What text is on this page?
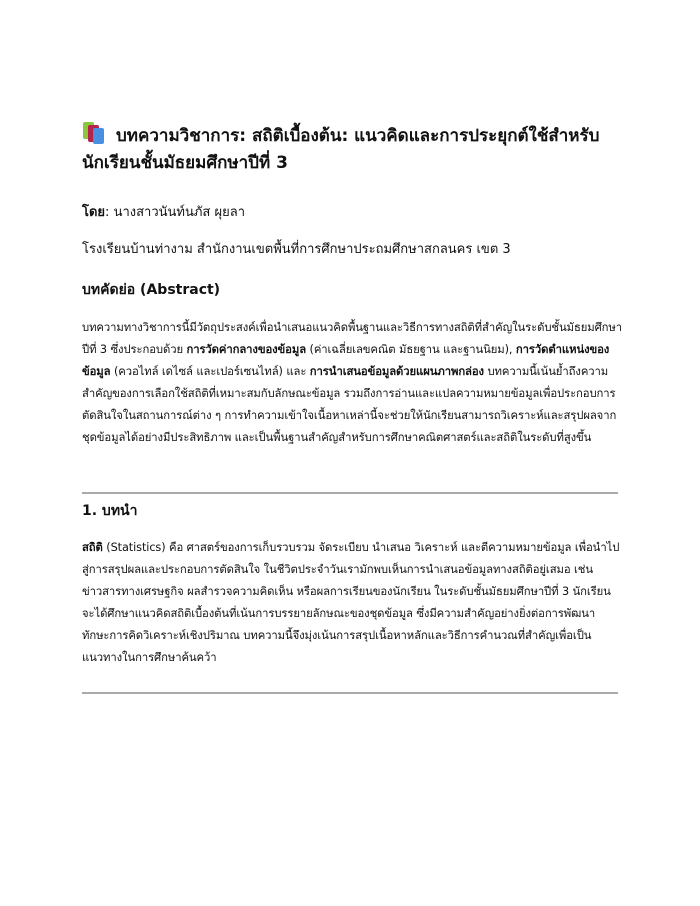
บทความวิชาการ: สถิติเบื้องต้น: แนวคิดและการประยุกต์ใช้สำหรับนักเรียนชั้นมัธยมศึกษาปีที่ 3
โดย: นางสาวนันท์นภัส ผุยลา
โรงเรียนบ้านท่างาม สำนักงานเขตพื้นที่การศึกษาประถมศึกษาสกลนคร เขต 3
บทคัดย่อ (Abstract)

บทความทางวิชาการนี้มีวัตถุประสงค์เพื่อนำเสนอแนวคิดพื้นฐานและวิธีการทางสถิติที่สำคัญในระดับชั้นมัธยมศึกษาปีที่ 3 ซึ่งประกอบด้วย การวัดค่ากลางของข้อมูล (ค่าเฉลี่ยเลขคณิต มัธยฐาน และฐานนิยม), การวัดตำแหน่งของข้อมูล (ควอไทล์ เดไซล์ และเปอร์เซนไทล์) และ การนำเสนอข้อมูลด้วยแผนภาพกล่อง บทความนี้เน้นย้ำถึงความสำคัญของการเลือกใช้สถิติที่เหมาะสมกับลักษณะข้อมูล รวมถึงการอ่านและแปลความหมายข้อมูลเพื่อประกอบการตัดสินใจในสถานการณ์ต่าง ๆ การทำความเข้าใจเนื้อหาเหล่านี้จะช่วยให้นักเรียนสามารถวิเคราะห์และสรุปผลจากชุดข้อมูลได้อย่างมีประสิทธิภาพ และเป็นพื้นฐานสำคัญสำหรับการศึกษาคณิตศาสตร์และสถิติในระดับที่สูงขึ้น

1. บทนำ

สถิติ (Statistics) คือ ศาสตร์ของการเก็บรวบรวม จัดระเบียบ นำเสนอ วิเคราะห์ และตีความหมายข้อมูล เพื่อนำไปสู่การสรุปผลและประกอบการตัดสินใจ ในชีวิตประจำวันเรามักพบเห็นการนำเสนอข้อมูลทางสถิติอยู่เสมอ เช่น ข่าวสารทางเศรษฐกิจ ผลสำรวจความคิดเห็น หรือผลการเรียนของนักเรียน ในระดับชั้นมัธยมศึกษาปีที่ 3 นักเรียนจะได้ศึกษาแนวคิดสถิติเบื้องต้นที่เน้นการบรรยายลักษณะของชุดข้อมูล ซึ่งมีความสำคัญอย่างยิ่งต่อการพัฒนาทักษะการคิดวิเคราะห์เชิงปริมาณ บทความนี้จึงมุ่งเน้นการสรุปเนื้อหาหลักและวิธีการคำนวณที่สำคัญเพื่อเป็นแนวทางในการศึกษาค้นคว้า
